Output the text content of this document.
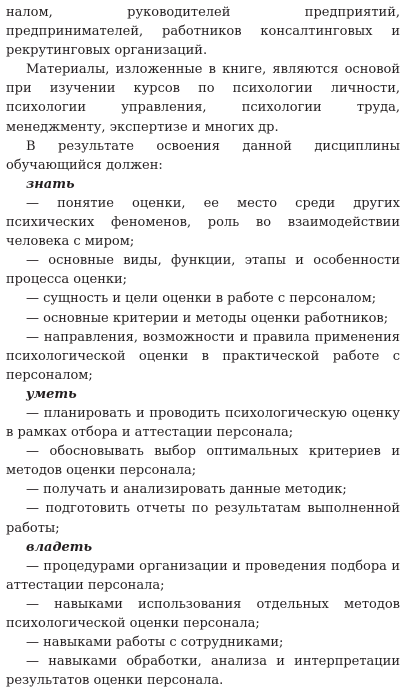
налом, руководителей предприятий, предпринимателей, работников консалтинговых и рекрутинговых организаций.

Материалы, изложенные в книге, являются основой при изучении курсов по психологии личности, психологии управления, психологии труда, менеджменту, экспертизе и многих др.

В результате освоения данной дисциплины обучающийся должен:

знать

— понятие оценки, ее место среди других психических феноменов, роль во взаимодействии человека с миром;

— основные виды, функции, этапы и особенности процесса оценки;

— сущность и цели оценки в работе с персоналом;

— основные критерии и методы оценки работников;

— направления, возможности и правила применения психологической оценки в практической работе с персоналом;

уметь

— планировать и проводить психологическую оценку в рамках отбора и аттестации персонала;

— обосновывать выбор оптимальных критериев и методов оценки персонала;

— получать и анализировать данные методик;

— подготовить отчеты по результатам выполненной работы;

владеть

— процедурами организации и проведения подбора и аттестации персонала;

— навыками использования отдельных методов психологической оценки персонала;

— навыками работы с сотрудниками;

— навыками обработки, анализа и интерпретации результатов оценки персонала.
